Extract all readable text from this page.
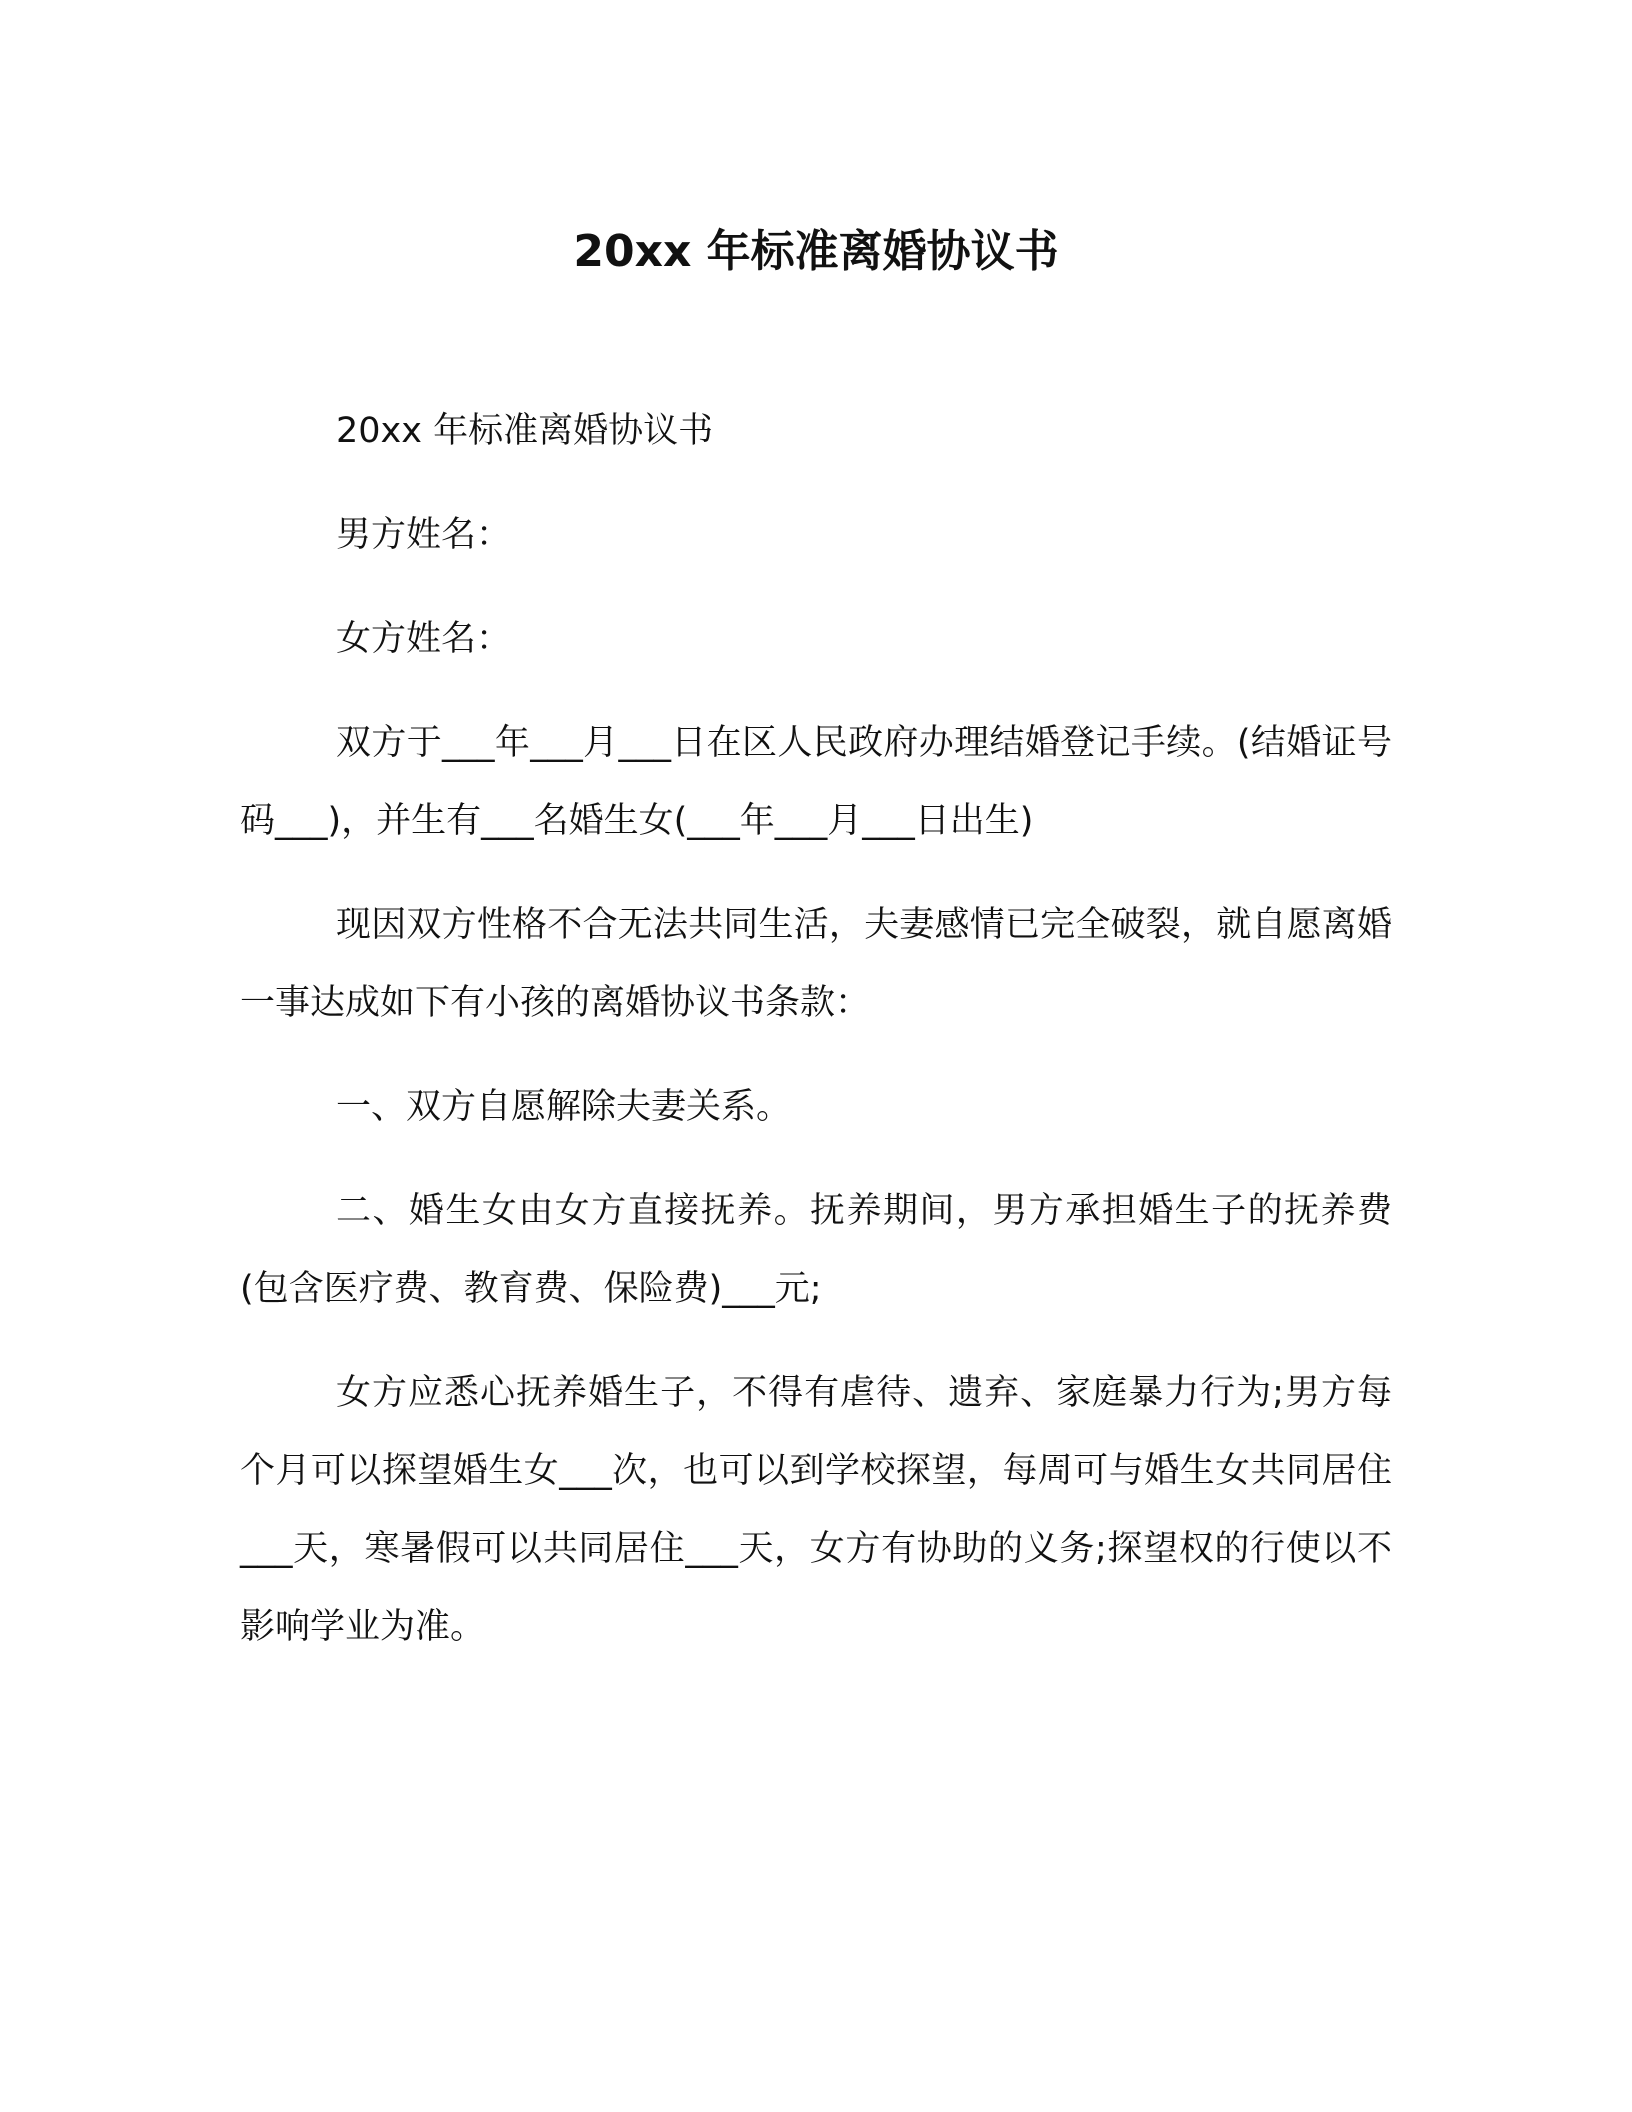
20xx 年标准离婚协议书

20xx 年标准离婚协议书

男方姓名：

女方姓名：

双方于___年___月___日在区人民政府办理结婚登记手续。(结婚证号码___)，并生有___名婚生女(___年___月___日出生)

现因双方性格不合无法共同生活，夫妻感情已完全破裂，就自愿离婚一事达成如下有小孩的离婚协议书条款：

一、双方自愿解除夫妻关系。

二、婚生女由女方直接抚养。抚养期间，男方承担婚生子的抚养费(包含医疗费、教育费、保险费)___元;

女方应悉心抚养婚生子，不得有虐待、遗弃、家庭暴力行为;男方每个月可以探望婚生女___次，也可以到学校探望，每周可与婚生女共同居住___天，寒暑假可以共同居住___天，女方有协助的义务;探望权的行使以不影响学业为准。
